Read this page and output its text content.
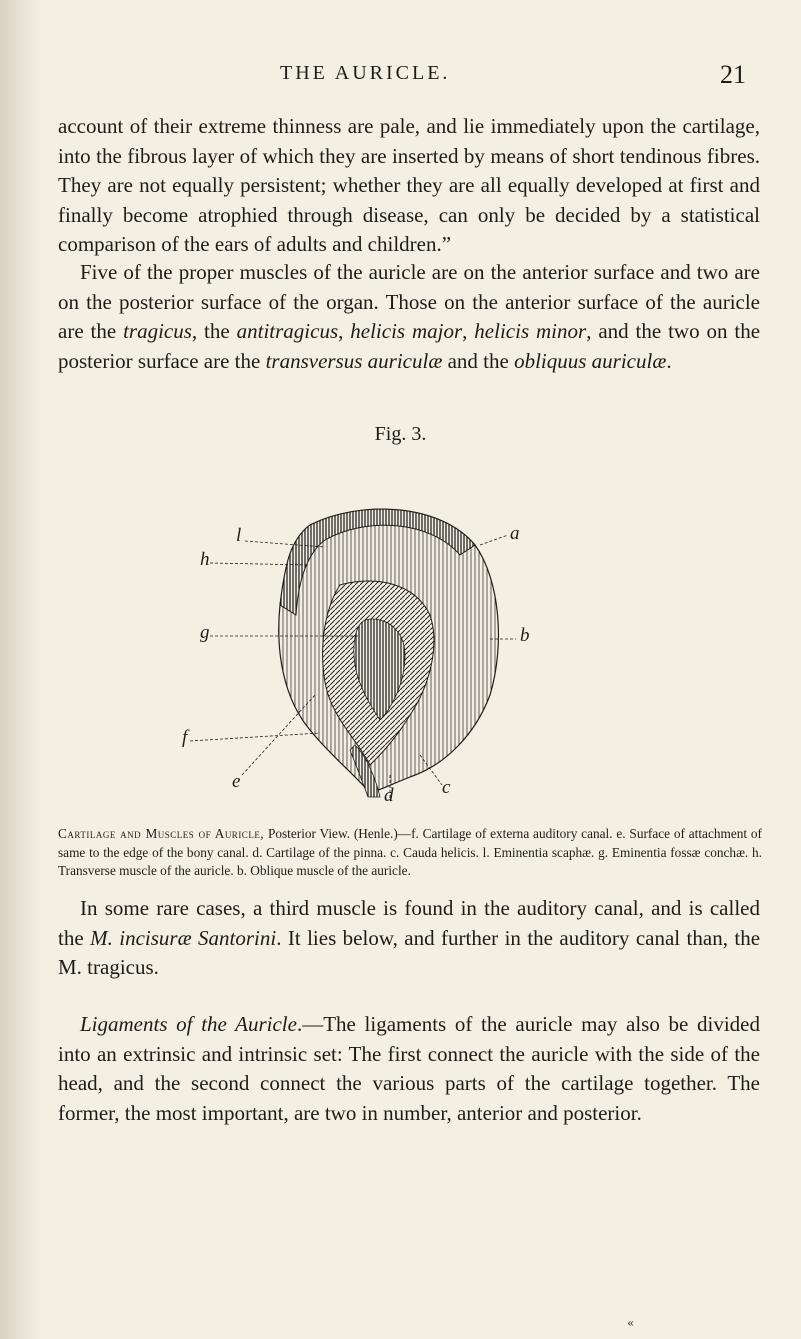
THE AURICLE.	21

account of their extreme thinness are pale, and lie immediately upon the cartilage, into the fibrous layer of which they are inserted by means of short tendinous fibres. They are not equally persistent; whether they are all equally developed at first and finally become atrophied through disease, can only be decided by a statistical comparison of the ears of adults and children.”

Five of the proper muscles of the auricle are on the anterior surface and two are on the posterior surface of the organ. Those on the anterior surface of the auricle are the tragicus, the antitragicus, helicis major, helicis minor, and the two on the posterior surface are the transversus auriculæ and the obliquus auriculæ.

Fig. 3.
l
h
g
f
e
a
b
c
d

Cartilage and Muscles of Auricle, Posterior View. (Henle.)—f. Cartilage of externa auditory canal. e. Surface of attachment of same to the edge of the bony canal. d. Cartilage of the pinna. c. Cauda helicis. l. Eminentia scaphæ. g. Eminentia fossæ conchæ. h. Transverse muscle of the auricle. b. Oblique muscle of the auricle.

In some rare cases, a third muscle is found in the auditory canal, and is called the M. incisuræ Santorini. It lies below, and further in the auditory canal than, the M. tragicus.

Ligaments of the Auricle.—The ligaments of the auricle may also be divided into an extrinsic and intrinsic set: The first connect the auricle with the side of the head, and the second connect the various parts of the cartilage together. The former, the most important, are two in number, anterior and posterior.

«
